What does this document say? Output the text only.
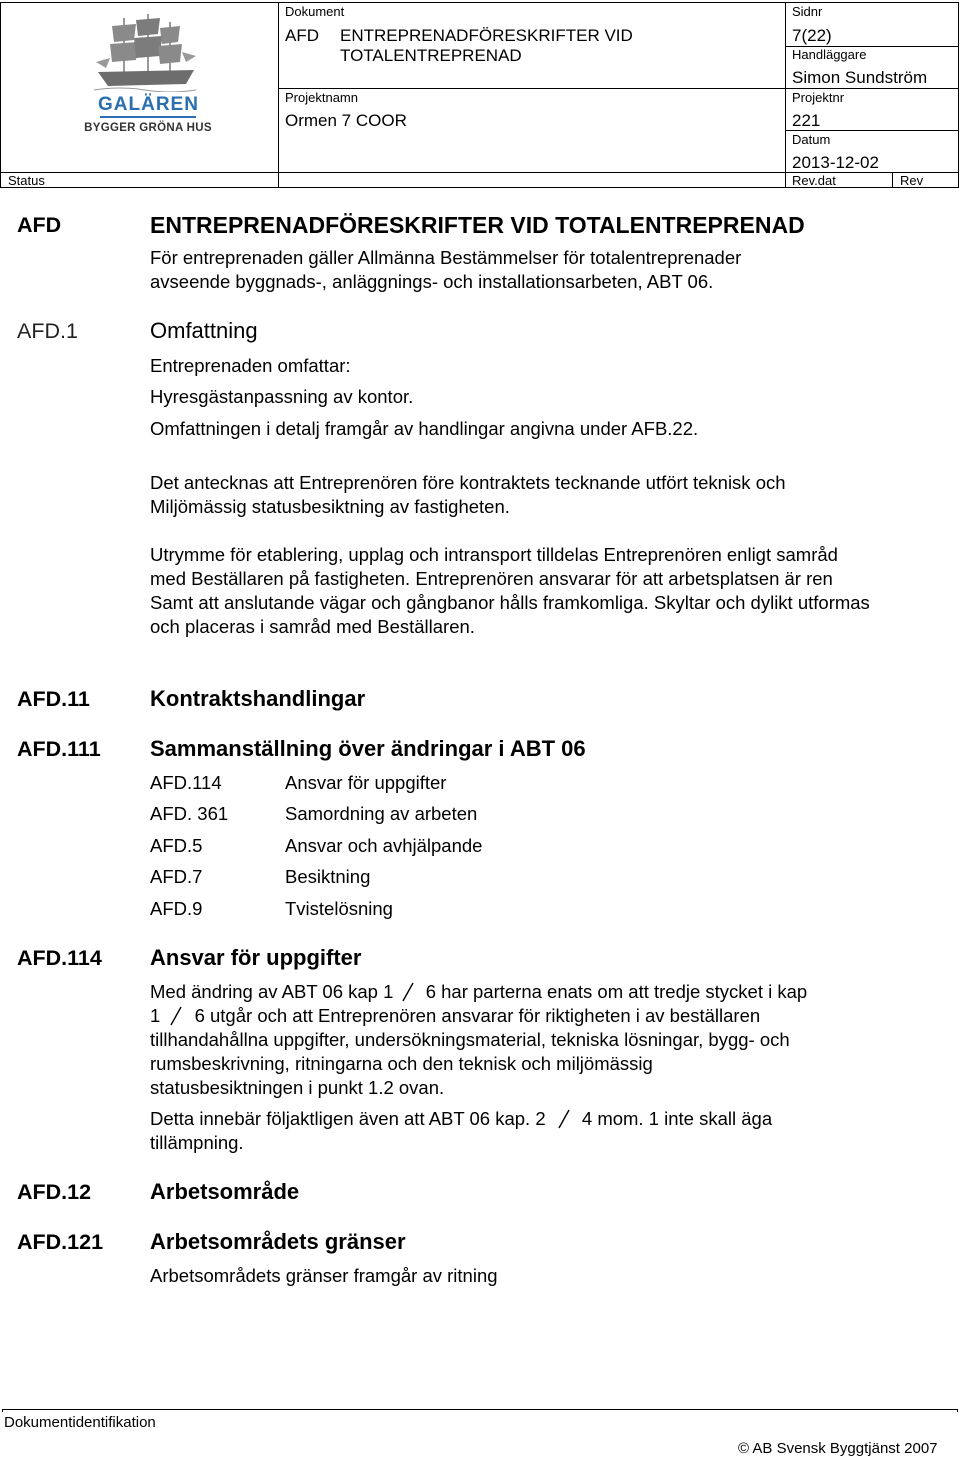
GALÄREN
BYGGER GRÖNA HUS
Dokument
AFD ENTREPRENADFÖRESKRIFTER VID
TOTALENTREPRENAD
Sidnr
7(22)
Handläggare
Simon Sundström
Projektnamn
Ormen 7 COOR
Projektnr
221
Datum
2013-12-02
Status	Rev.dat	Rev
AFD	ENTREPRENADFÖRESKRIFTER VID TOTALENTREPRENAD
För entreprenaden gäller Allmänna Bestämmelser för totalentreprenader
avseende byggnads-, anläggnings- och installationsarbeten, ABT 06.
AFD.1	Omfattning
Entreprenaden omfattar:
Hyresgästanpassning av kontor.
Omfattningen i detalj framgår av handlingar angivna under AFB.22.
Det antecknas att Entreprenören före kontraktets tecknande utfört teknisk och
Miljömässig statusbesiktning av fastigheten.
Utrymme för etablering, upplag och intransport tilldelas Entreprenören enligt samråd
med Beställaren på fastigheten. Entreprenören ansvarar för att arbetsplatsen är ren
Samt att anslutande vägar och gångbanor hålls framkomliga. Skyltar och dylikt utformas
och placeras i samråd med Beställaren.
AFD.11	Kontraktshandlingar
AFD.111 Sammanställning över ändringar i ABT 06
AFD.114	Ansvar för uppgifter
AFD. 361	Samordning av arbeten
AFD.5	Ansvar och avhjälpande
AFD.7	Besiktning
AFD.9	Tvistelösning
AFD.114 Ansvar för uppgifter
Med ändring av ABT 06 kap 1 6 har parterna enats om att tredje stycket i kap
1 6 utgår och att Entreprenören ansvarar för riktigheten i av beställaren
tillhandahållna uppgifter, undersökningsmaterial, tekniska lösningar, bygg- och
rumsbeskrivning, ritningarna och den teknisk och miljömässig
statusbesiktningen i punkt 1.2 ovan.
Detta innebär följaktligen även att ABT 06 kap. 2 4 mom. 1 inte skall äga
tillämpning.
AFD.12	Arbetsområde
AFD.121 Arbetsområdets gränser
Arbetsområdets gränser framgår av ritning
Dokumentidentifikation
© AB Svensk Byggtjänst 2007
